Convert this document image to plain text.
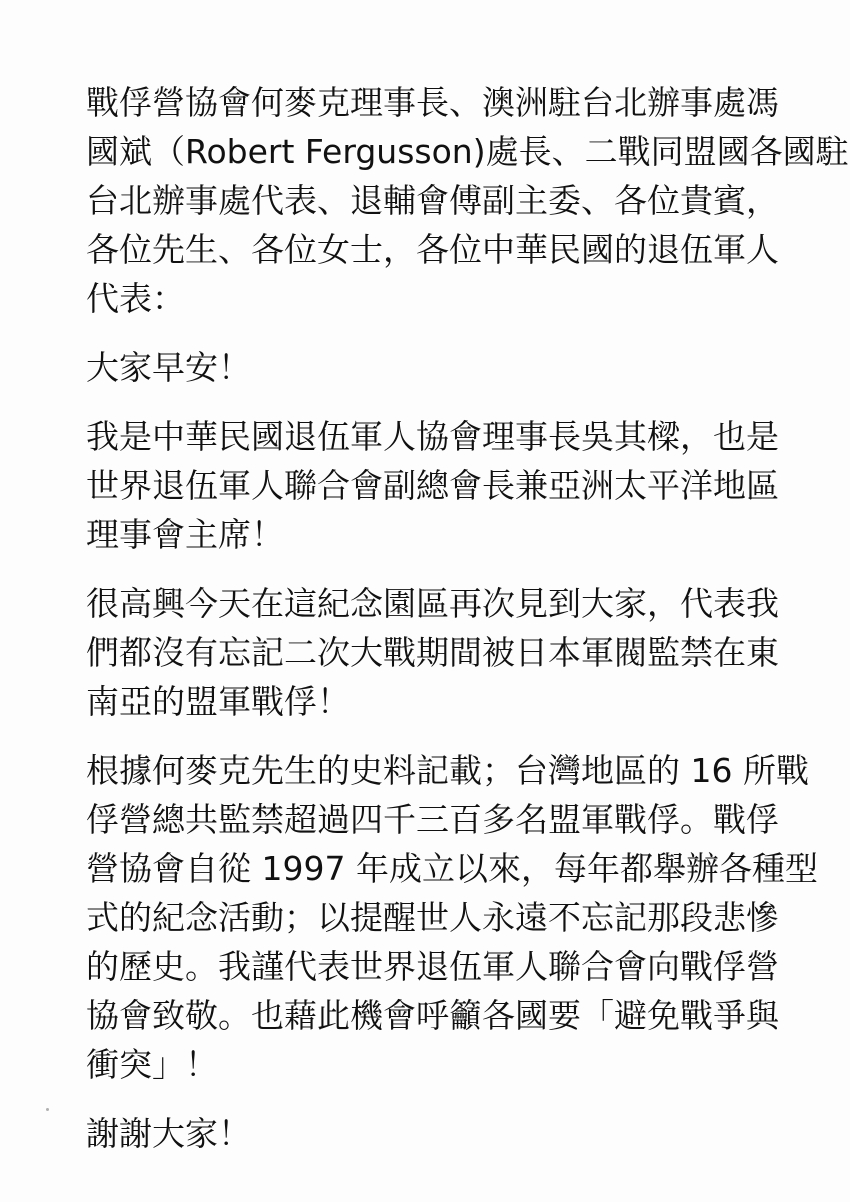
戰俘營協會何麥克理事長、澳洲駐台北辦事處馮
國斌（Robert Fergusson)處長、二戰同盟國各國駐
台北辦事處代表、退輔會傅副主委、各位貴賓，
各位先生、各位女士，各位中華民國的退伍軍人
代表：
大家早安！
我是中華民國退伍軍人協會理事長吳其樑，也是
世界退伍軍人聯合會副總會長兼亞洲太平洋地區
理事會主席！
很高興今天在這紀念園區再次見到大家，代表我
們都沒有忘記二次大戰期間被日本軍閥監禁在東
南亞的盟軍戰俘！
根據何麥克先生的史料記載；台灣地區的 16 所戰
俘營總共監禁超過四千三百多名盟軍戰俘。戰俘
營協會自從 1997 年成立以來，每年都舉辦各種型
式的紀念活動；以提醒世人永遠不忘記那段悲慘
的歷史。我謹代表世界退伍軍人聯合會向戰俘營
協會致敬。也藉此機會呼籲各國要「避免戰爭與
衝突」！
謝謝大家！
